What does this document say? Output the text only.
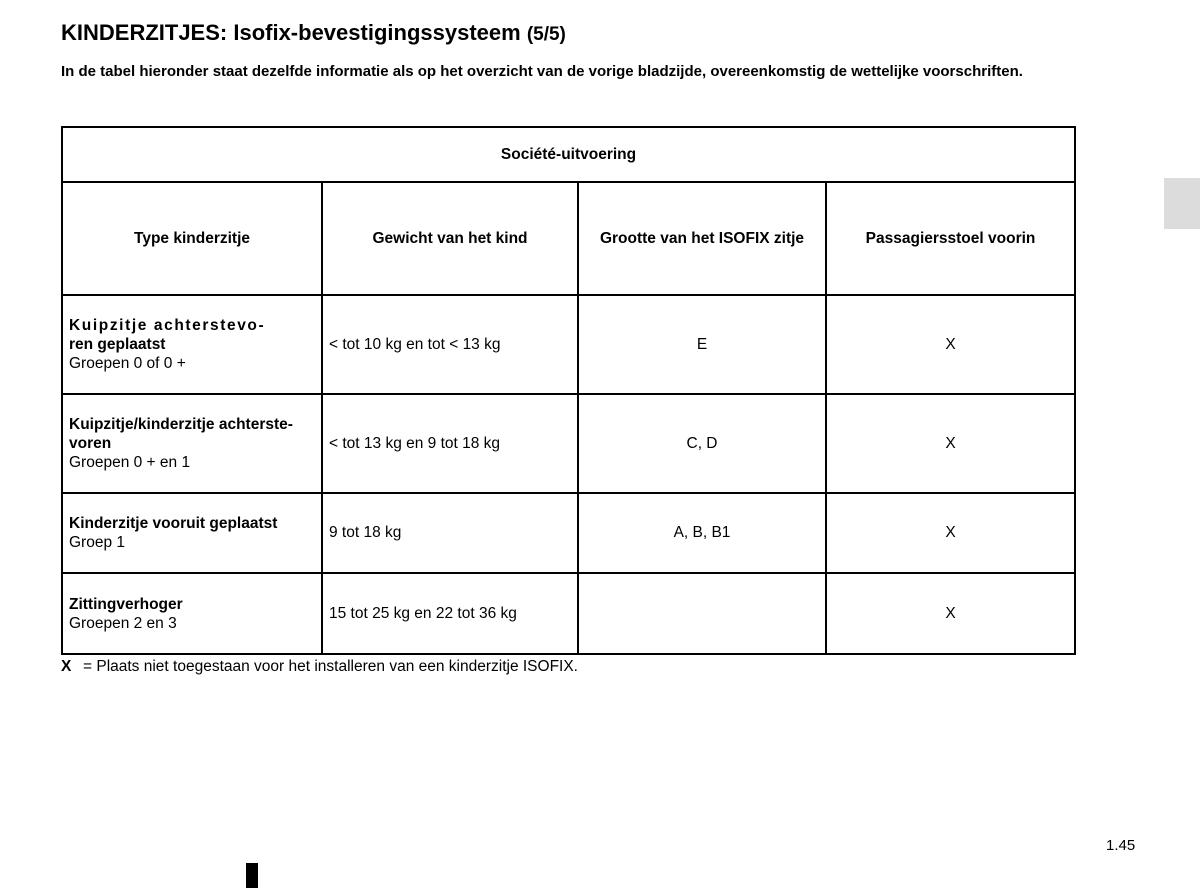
KINDERZITJES: Isofix-bevestigingssysteem (5/5)
In de tabel hieronder staat dezelfde informatie als op het overzicht van de vorige bladzijde, overeenkomstig de wettelijke voorschriften.
Société-uitvoering			
Type kinderzitje	Gewicht van het kind	Grootte van het ISOFIX zitje	Passagiersstoel voorin

Kuipzitje achterstevo-
ren geplaatst
Groepen 0 of 0 +	< tot 10 kg en tot < 13 kg	E	X

Kuipzitje/kinderzitje achterste-
voren
Groepen 0 + en 1	< tot 13 kg en 9 tot 18 kg	C, D	X

Kinderzitje vooruit geplaatst
Groep 1	9 tot 18 kg	A, B, B1	X

Zittingverhoger
Groepen 2 en 3	15 tot 25 kg en 22 tot 36 kg		X
X = Plaats niet toegestaan voor het installeren van een kinderzitje ISOFIX.
1.45
